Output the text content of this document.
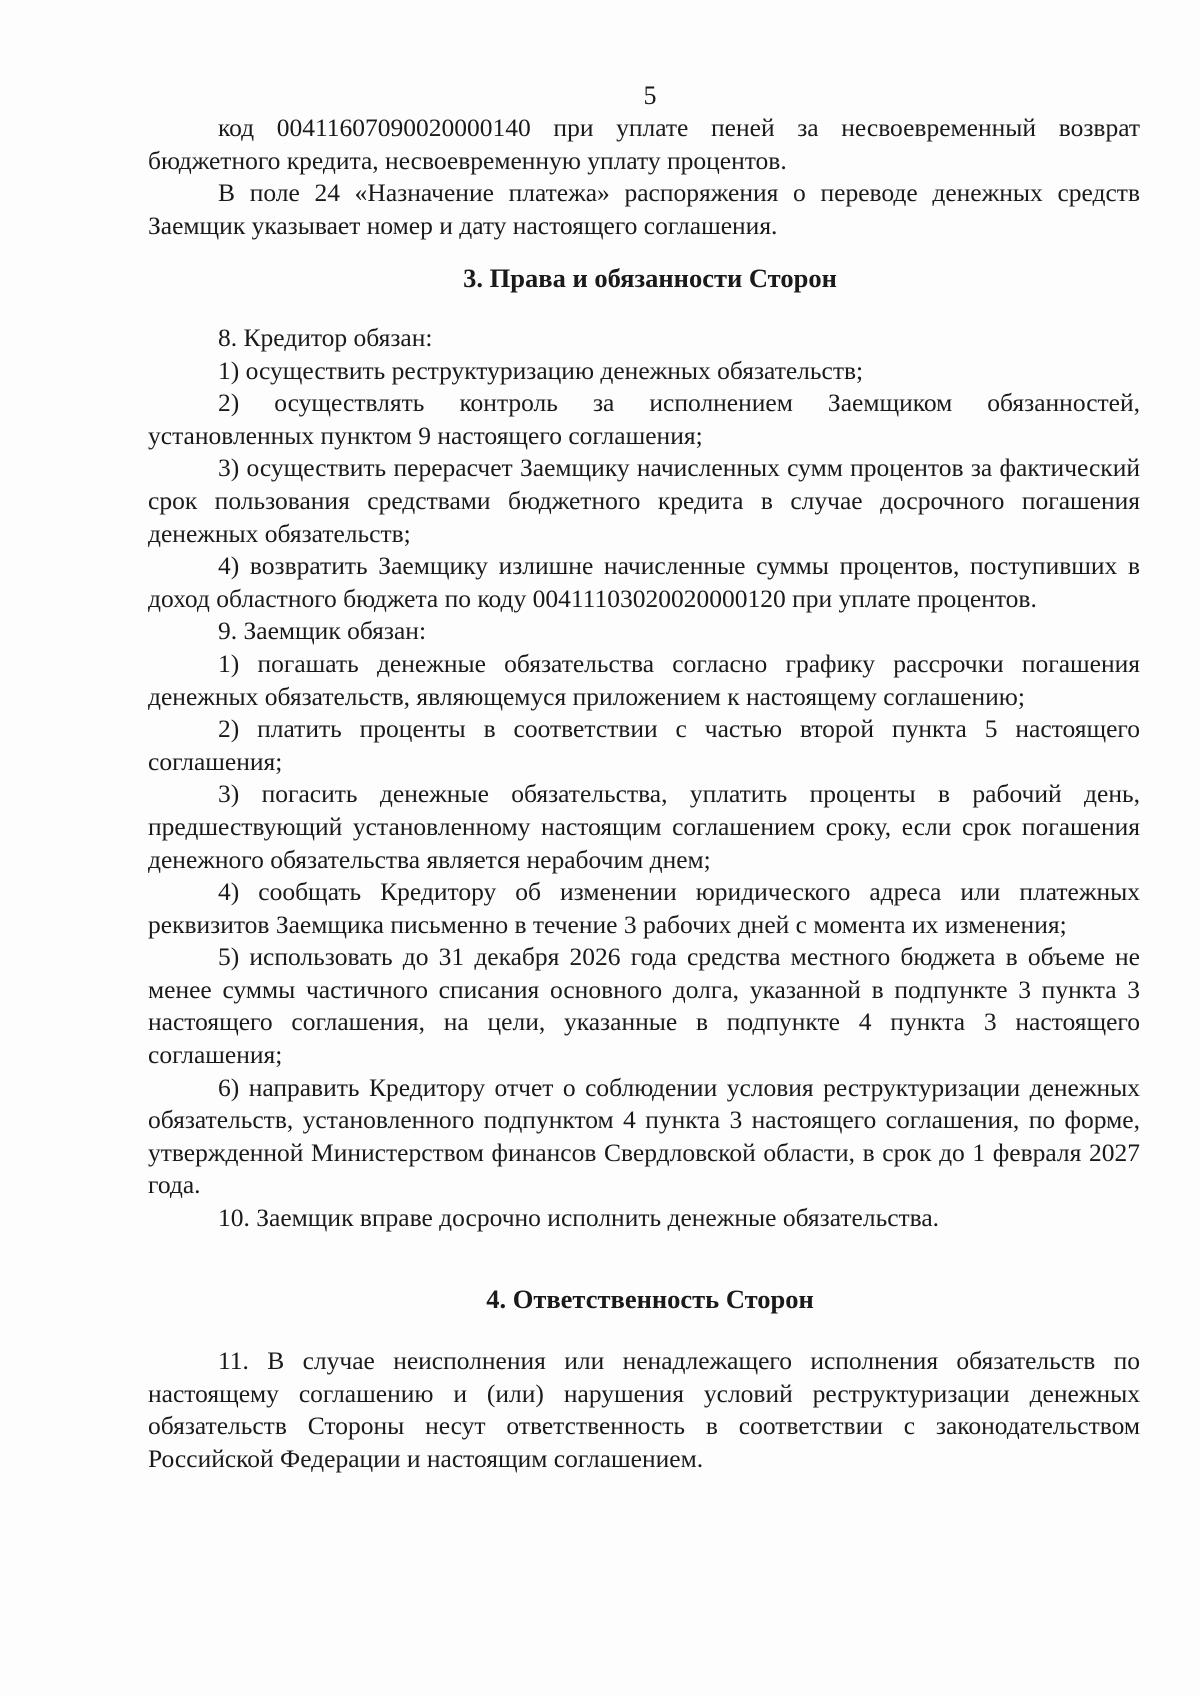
5

код 00411607090020000140 при уплате пеней за несвоевременный возврат бюджетного кредита, несвоевременную уплату процентов.

В поле 24 «Назначение платежа» распоряжения о переводе денежных средств Заемщик указывает номер и дату настоящего соглашения.

3. Права и обязанности Сторон

8. Кредитор обязан:

1) осуществить реструктуризацию денежных обязательств;

2) осуществлять контроль за исполнением Заемщиком обязанностей, установленных пунктом 9 настоящего соглашения;

3) осуществить перерасчет Заемщику начисленных сумм процентов за фактический срок пользования средствами бюджетного кредита в случае досрочного погашения денежных обязательств;

4) возвратить Заемщику излишне начисленные суммы процентов, поступивших в доход областного бюджета по коду 00411103020020000120 при уплате процентов.

9. Заемщик обязан:

1) погашать денежные обязательства согласно графику рассрочки погашения денежных обязательств, являющемуся приложением к настоящему соглашению;

2) платить проценты в соответствии с частью второй пункта 5 настоящего соглашения;

3) погасить денежные обязательства, уплатить проценты в рабочий день, предшествующий установленному настоящим соглашением сроку, если срок погашения денежного обязательства является нерабочим днем;

4) сообщать Кредитору об изменении юридического адреса или платежных реквизитов Заемщика письменно в течение 3 рабочих дней с момента их изменения;

5) использовать до 31 декабря 2026 года средства местного бюджета в объеме не менее суммы частичного списания основного долга, указанной в подпункте 3 пункта 3 настоящего соглашения, на цели, указанные в подпункте 4 пункта 3 настоящего соглашения;

6) направить Кредитору отчет о соблюдении условия реструктуризации денежных обязательств, установленного подпунктом 4 пункта 3 настоящего соглашения, по форме, утвержденной Министерством финансов Свердловской области, в срок до 1 февраля 2027 года.

10. Заемщик вправе досрочно исполнить денежные обязательства.

4. Ответственность Сторон

11. В случае неисполнения или ненадлежащего исполнения обязательств по настоящему соглашению и (или) нарушения условий реструктуризации денежных обязательств Стороны несут ответственность в соответствии с законодательством Российской Федерации и настоящим соглашением.
